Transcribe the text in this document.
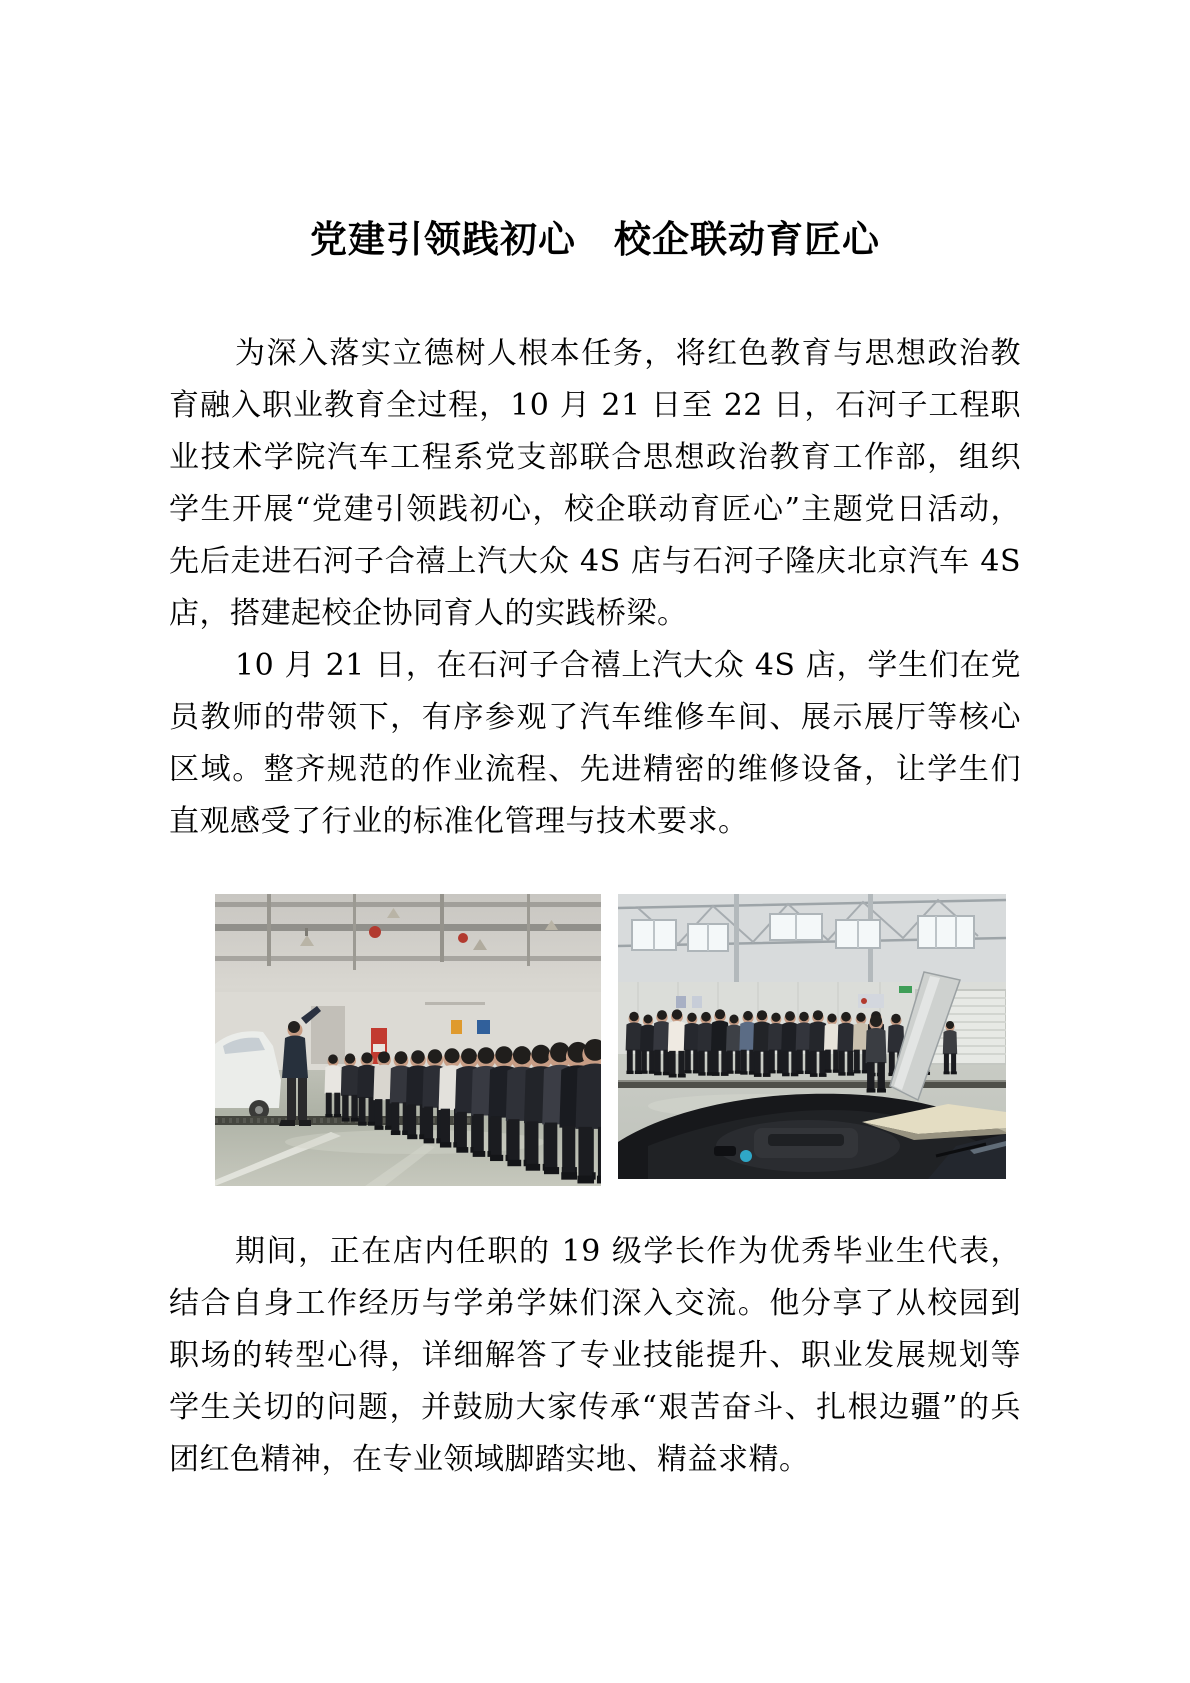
党建引领践初心　校企联动育匠心

为深入落实立德树人根本任务，将红色教育与思想政治教育融入职业教育全过程，10 月 21 日至 22 日，石河子工程职业技术学院汽车工程系党支部联合思想政治教育工作部，组织学生开展“党建引领践初心，校企联动育匠心”主题党日活动，先后走进石河子合禧上汽大众 4S 店与石河子隆庆北京汽车 4S 店，搭建起校企协同育人的实践桥梁。

10 月 21 日，在石河子合禧上汽大众 4S 店，学生们在党员教师的带领下，有序参观了汽车维修车间、展示展厅等核心区域。整齐规范的作业流程、先进精密的维修设备，让学生们直观感受了行业的标准化管理与技术要求。

期间，正在店内任职的 19 级学长作为优秀毕业生代表，结合自身工作经历与学弟学妹们深入交流。他分享了从校园到职场的转型心得，详细解答了专业技能提升、职业发展规划等学生关切的问题，并鼓励大家传承“艰苦奋斗、扎根边疆”的兵团红色精神，在专业领域脚踏实地、精益求精。
